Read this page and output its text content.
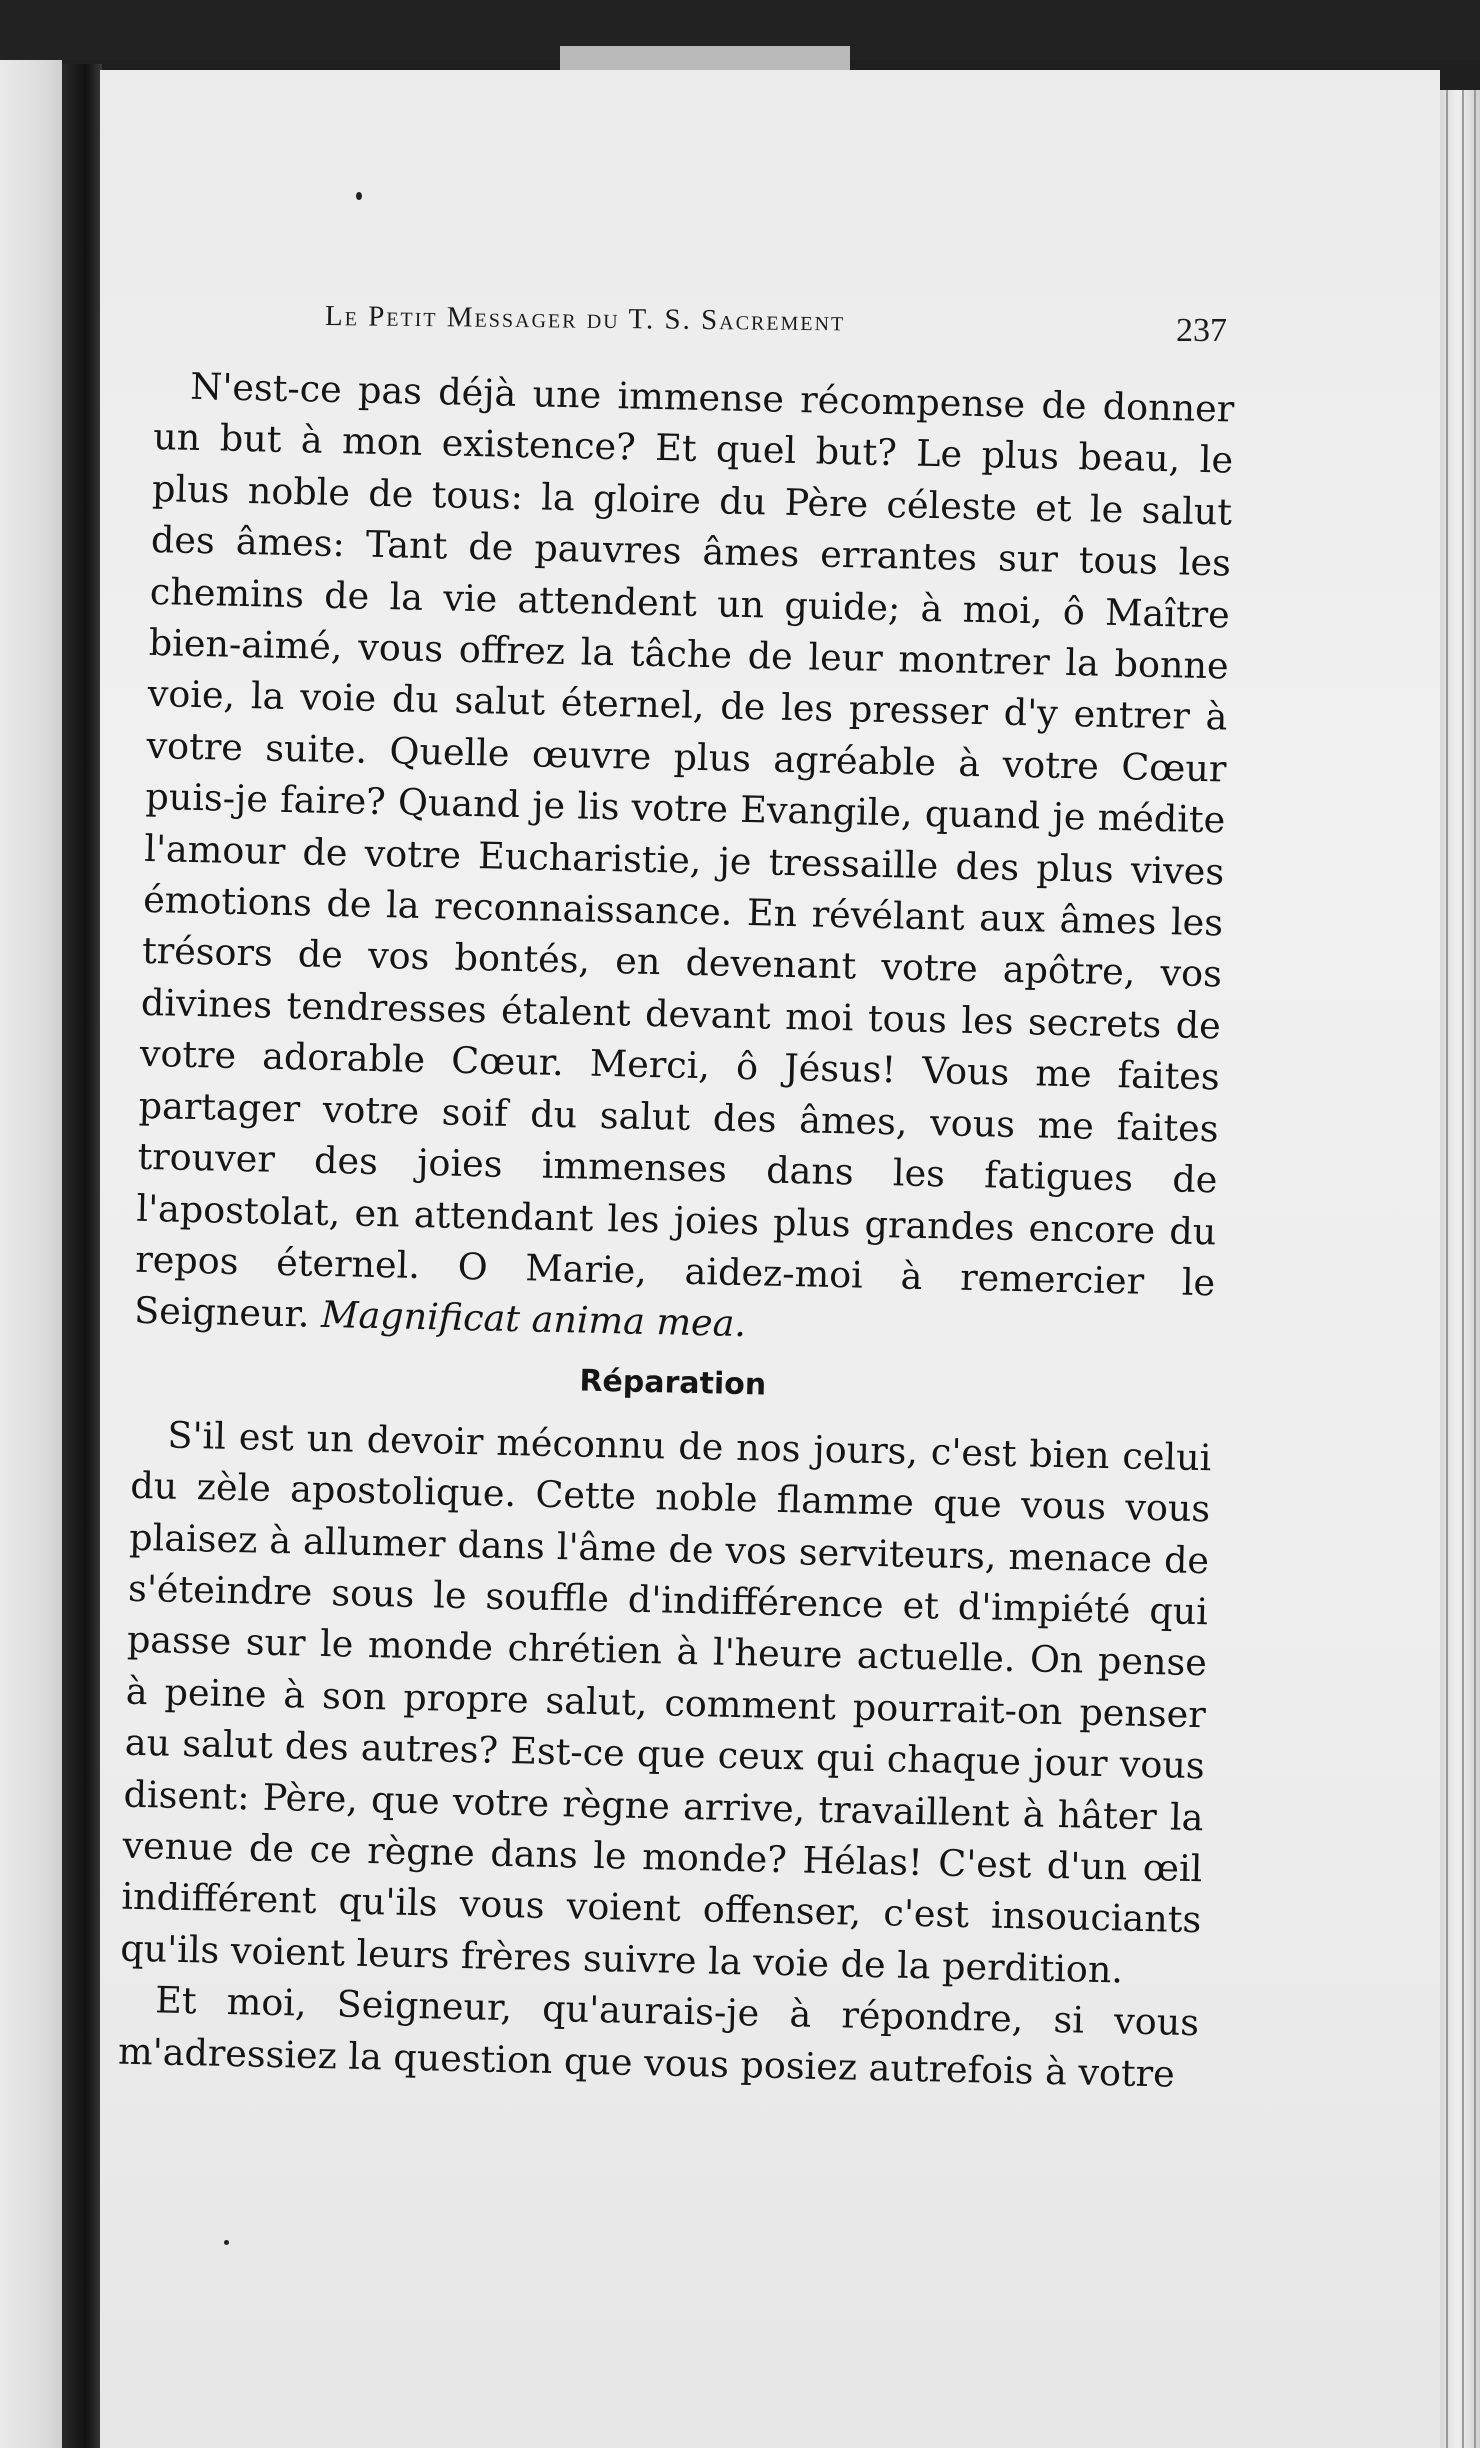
Le Petit Messager du T. S. Sacrement	237

N'est-ce pas déjà une immense récompense de donner un but à mon existence? Et quel but? Le plus beau, le plus noble de tous: la gloire du Père céleste et le salut des âmes: Tant de pauvres âmes errantes sur tous les chemins de la vie attendent un guide; à moi, ô Maître bien-aimé, vous offrez la tâche de leur montrer la bonne voie, la voie du salut éternel, de les presser d'y entrer à votre suite. Quelle œuvre plus agréable à votre Cœur puis-je faire? Quand je lis votre Evangile, quand je médite l'amour de votre Eucharistie, je tressaille des plus vives émotions de la reconnaissance. En révélant aux âmes les trésors de vos bontés, en devenant votre apôtre, vos divines tendresses étalent devant moi tous les secrets de votre adorable Cœur. Merci, ô Jésus! Vous me faites partager votre soif du salut des âmes, vous me faites trouver des joies immenses dans les fatigues de l'apostolat, en attendant les joies plus grandes encore du repos éternel. O Marie, aidez-moi à remercier le Seigneur. Magnificat anima mea.

Réparation

S'il est un devoir méconnu de nos jours, c'est bien celui du zèle apostolique. Cette noble flamme que vous vous plaisez à allumer dans l'âme de vos serviteurs, menace de s'éteindre sous le souffle d'indifférence et d'impiété qui passe sur le monde chrétien à l'heure actuelle. On pense à peine à son propre salut, comment pourrait-on penser au salut des autres? Est-ce que ceux qui chaque jour vous disent: Père, que votre règne arrive, travaillent à hâter la venue de ce règne dans le monde? Hélas! C'est d'un œil indifférent qu'ils vous voient offenser, c'est insouciants qu'ils voient leurs frères suivre la voie de la perdition.

Et moi, Seigneur, qu'aurais-je à répondre, si vous m'adressiez la question que vous posiez autrefois à votre
